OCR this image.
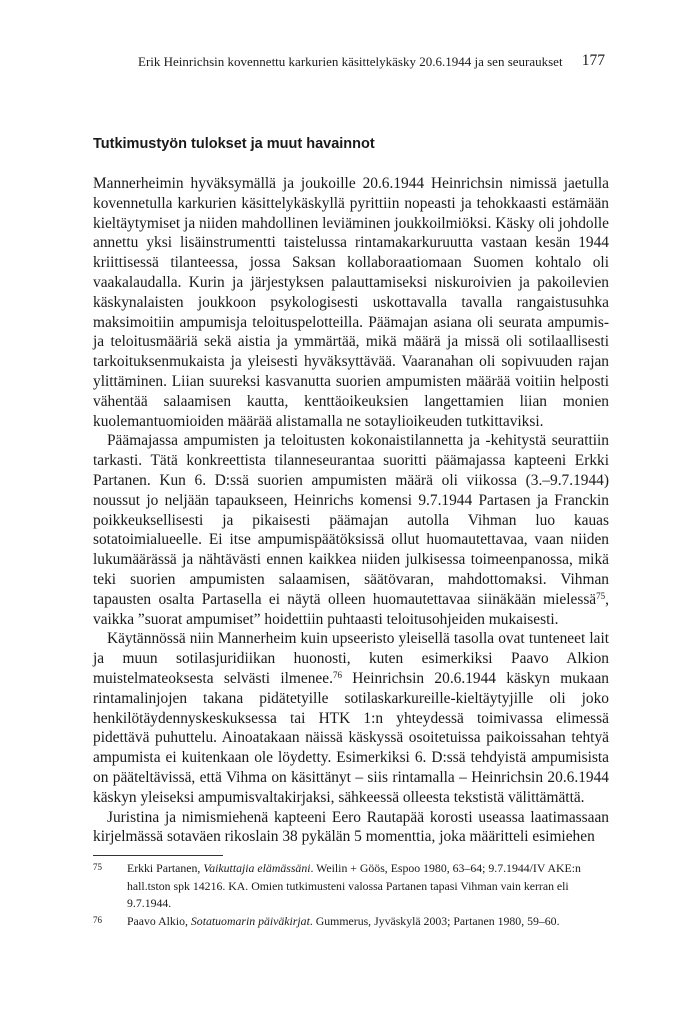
Erik Heinrichsin kovennettu karkurien käsittelykäsky 20.6.1944 ja sen seuraukset 177
Tutkimustyön tulokset ja muut havainnot

Mannerheimin hyväksymällä ja joukoille 20.6.1944 Heinrichsin nimissä jaetulla kovennetulla karkurien käsittelykäskyllä pyrittiin nopeasti ja tehokkaasti estämään kieltäytymiset ja niiden mahdollinen leviäminen joukkoilmiöksi. Käsky oli johdolle annettu yksi lisäinstrumentti taistelussa rintamakarkuruutta vastaan kesän 1944 kriittisessä tilanteessa, jossa Saksan kollaboraatiomaan Suomen kohtalo oli vaakalaudalla. Kurin ja järjestyksen palauttamiseksi niskuroivien ja pakoilevien käskynalaisten joukkoon psykologisesti uskottavalla tavalla rangaistusuhka maksimoitiin ampumisja teloituspelotteilla. Päämajan asiana oli seurata ampumis- ja teloitusmääriä sekä aistia ja ymmärtää, mikä määrä ja missä oli sotilaallisesti tarkoituksenmukaista ja yleisesti hyväksyttävää. Vaaranahan oli sopivuuden rajan ylittäminen. Liian suureksi kasvanutta suorien ampumisten määrää voitiin helposti vähentää salaamisen kautta, kenttäoikeuksien langettamien liian monien kuolemantuomioiden määrää alistamalla ne sotaylioikeuden tutkittaviksi.

Päämajassa ampumisten ja teloitusten kokonaistilannetta ja -kehitystä seurattiin tarkasti. Tätä konkreettista tilanneseurantaa suoritti päämajassa kapteeni Erkki Partanen. Kun 6. D:ssä suorien ampumisten määrä oli viikossa (3.–9.7.1944) noussut jo neljään tapaukseen, Heinrichs komensi 9.7.1944 Partasen ja Franckin poikkeuksellisesti ja pikaisesti päämajan autolla Vihman luo kauas sotatoimialueelle. Ei itse ampumispäätöksissä ollut huomautettavaa, vaan niiden lukumäärässä ja nähtävästi ennen kaikkea niiden julkisessa toimeenpanossa, mikä teki suorien ampumisten salaamisen, säätövaran, mahdottomaksi. Vihman tapausten osalta Partasella ei näytä olleen huomautettavaa siinäkään mielessä$^{75}$, vaikka ”suorat ampumiset” hoidettiin puhtaasti teloitusohjeiden mukaisesti.

Käytännössä niin Mannerheim kuin upseeristo yleisellä tasolla ovat tunteneet lait ja muun sotilasjuridiikan huonosti, kuten esimerkiksi Paavo Alkion muistelmateoksesta selvästi ilmenee.$^{76}$ Heinrichsin 20.6.1944 käskyn mukaan rintamalinjojen takana pidätetyille sotilaskarkureille-kieltäytyjille oli joko henkilötäydennyskeskuksessa tai HTK 1:n yhteydessä toimivassa elimessä pidettävä puhuttelu. Ainoatakaan näissä käskyssä osoitetuissa paikoissahan tehtyä ampumista ei kuitenkaan ole löydetty. Esimerkiksi 6. D:ssä tehdyistä ampumisista on pääteltävissä, että Vihma on käsittänyt – siis rintamalla – Heinrichsin 20.6.1944 käskyn yleiseksi ampumisvaltakirjaksi, sähkeessä olleesta tekstistä välittämättä.

Juristina ja nimismiehenä kapteeni Eero Rautapää korosti useassa laatimassaan kirjelmässä sotaväen rikoslain 38 pykälän 5 momenttia, joka määritteli esimiehen

75 Erkki Partanen, Vaikuttajia elämässäni. Weilin + Göös, Espoo 1980, 63–64; 9.7.1944/IV AKE:n hall.tston spk 14216. KA. Omien tutkimusteni valossa Partanen tapasi Vihman vain kerran eli 9.7.1944.

76 Paavo Alkio, Sotatuomarin päiväkirjat. Gummerus, Jyväskylä 2003; Partanen 1980, 59–60.
